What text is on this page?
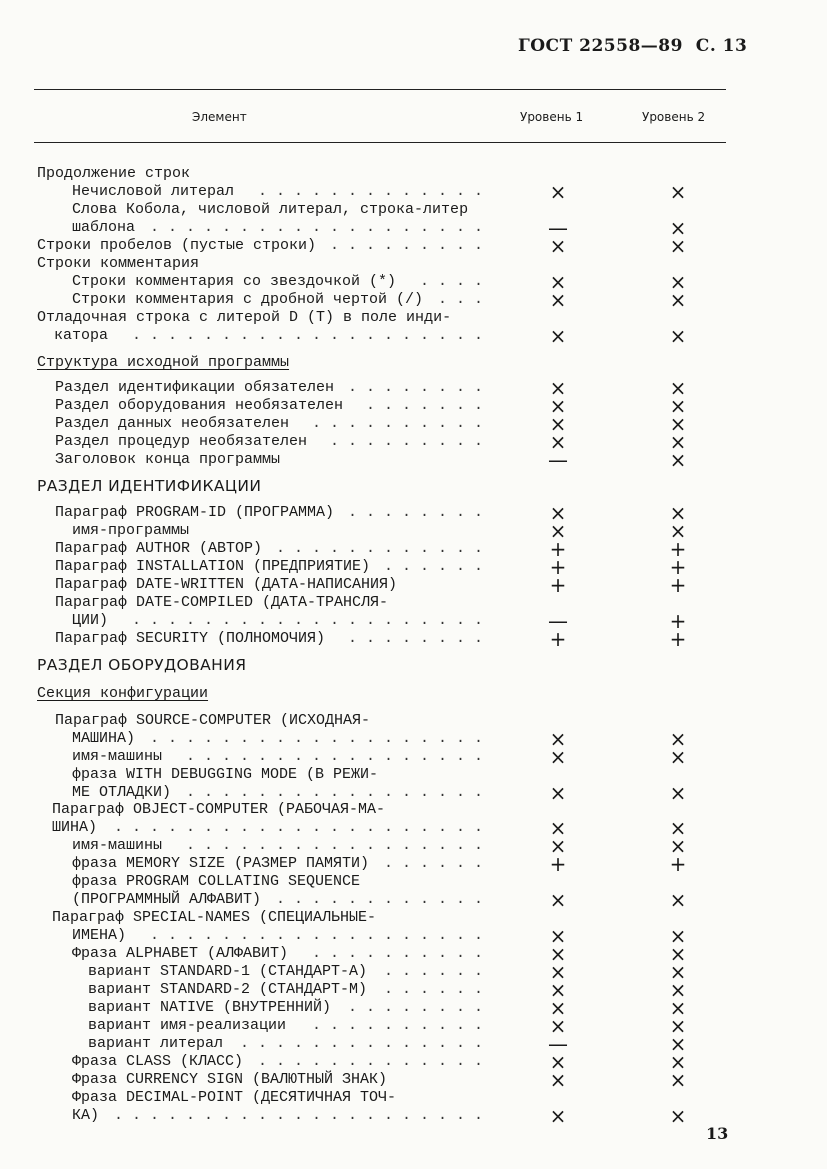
ГОСТ 22558—89 С. 13
Элемент	Уровень 1	Уровень 2
Продолжение строк
Нечисловой литерал .............	×	×
Слова Кобола, числовой литерал, строка-литер
шаблона ...................	—	×
Строки пробелов (пустые строки) .........	×	×
Строки комментария
Строки комментария со звездочкой (*) ....	×	×
Строки комментария с дробной чертой (/) ...	×	×
Отладочная строка с литерой D (T) в поле инди-
катора ....................	×	×
Структура исходной программы
Раздел идентификации обязателен ........	×	×
Раздел оборудования необязателен .......	×	×
Раздел данных необязателен ..........	×	×
Раздел процедур необязателен .........	×	×
Заголовок конца программы	—	×
РАЗДЕЛ ИДЕНТИФИКАЦИИ
Параграф PROGRAM-ID (ПРОГРАММА) ........	×	×
имя-программы	×	×
Параграф AUTHOR (АВТОР) ............	+	+
Параграф INSTALLATION (ПРЕДПРИЯТИЕ) ......	+	+
Параграф DATE-WRITTEN (ДАТА-НАПИСАНИЯ)	+	+
Параграф DATE-COMPILED (ДАТА-ТРАНСЛЯ-
ЦИИ) ....................	—	+
Параграф SECURITY (ПОЛНОМОЧИЯ) ........	+	+
РАЗДЕЛ ОБОРУДОВАНИЯ
Секция конфигурации
Параграф SOURCE-COMPUTER (ИСХОДНАЯ-
МАШИНА) ...................	×	×
имя-машины .................	×	×
фраза WITH DEBUGGING MODE (В РЕЖИ-
МЕ ОТЛАДКИ) .................	×	×
Параграф OBJECT-COMPUTER (РАБОЧАЯ-МА-
ШИНА) .....................	×	×
имя-машины .................	×	×
фраза MEMORY SIZE (РАЗМЕР ПАМЯТИ) ......	+	+
фраза PROGRAM COLLATING SEQUENCE
(ПРОГРАММНЫЙ АЛФАВИТ) ............	×	×
Параграф SPECIAL-NAMES (СПЕЦИАЛЬНЫЕ-
ИМЕНА) ...................	×	×
Фраза ALPHABET (АЛФАВИТ) ..........	×	×
вариант STANDARD-1 (СТАНДАРТ-А) ......	×	×
вариант STANDARD-2 (СТАНДАРТ-М) ......	×	×
вариант NATIVE (ВНУТРЕННИЙ) ........	×	×
вариант имя-реализации ..........	×	×
вариант литерал ..............	—	×
Фраза CLASS (КЛАСС) .............	×	×
Фраза CURRENCY SIGN (ВАЛЮТНЫЙ ЗНАК)	×	×
Фраза DECIMAL-POINT (ДЕСЯТИЧНАЯ ТОЧ-
КА) .....................	×	×
13
